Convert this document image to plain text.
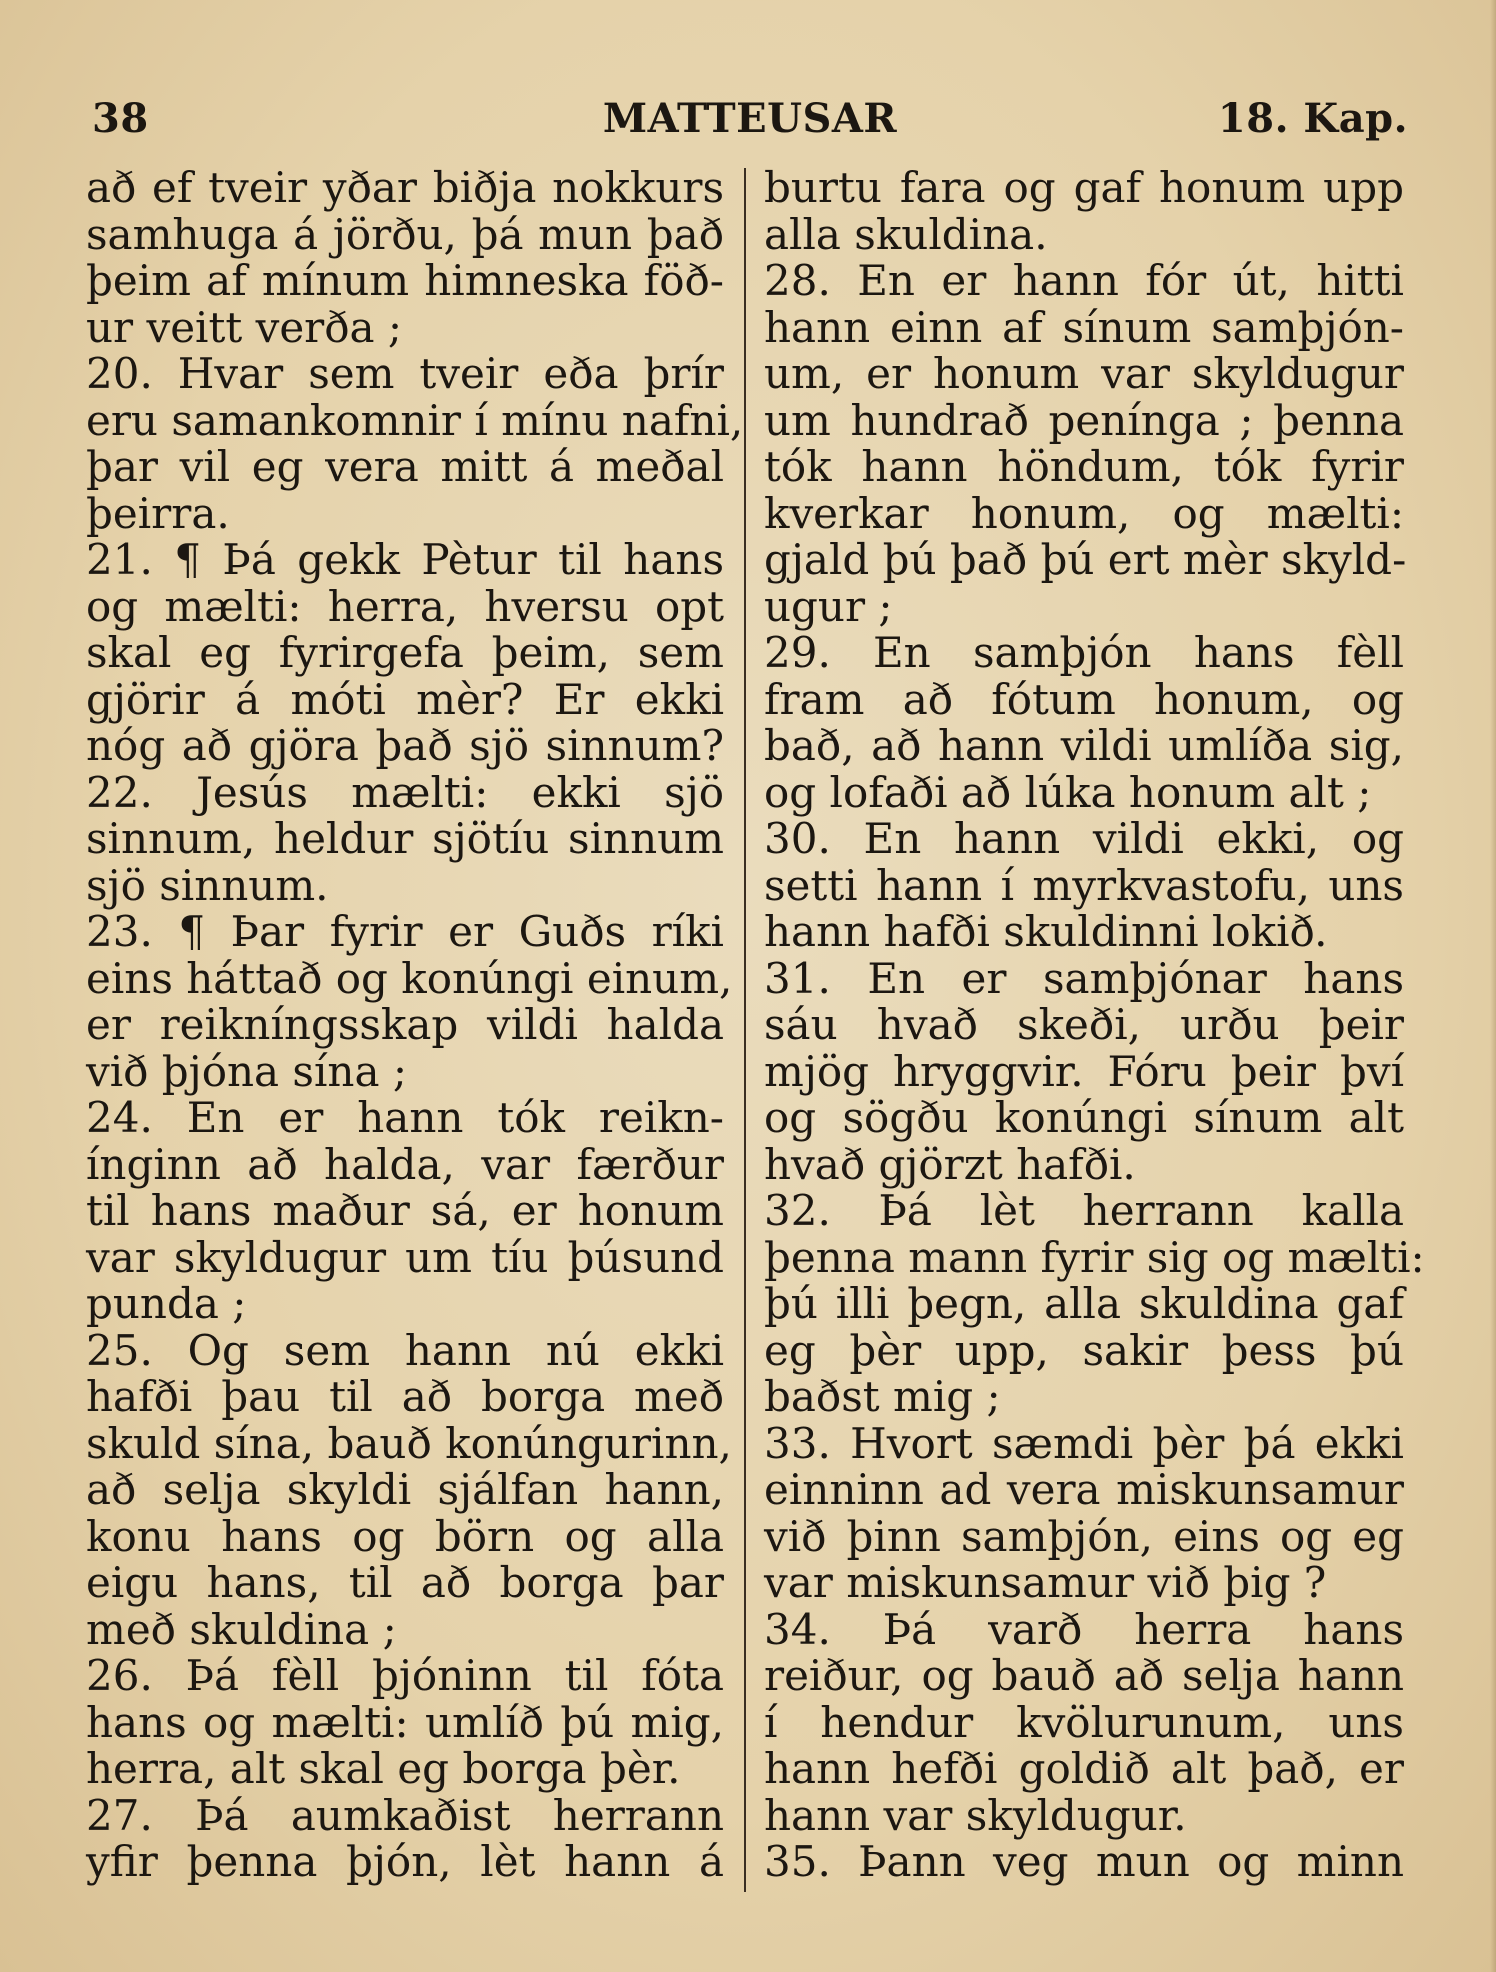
MATTEUSAR
38	18. Kap.
að ef tveir yðar biðja nokkurs
samhuga á jörðu, þá mun það
þeim af mínum himneska föð-
ur veitt verða ;
20. Hvar sem tveir eða þrír
eru samankomnir í mínu nafni,
þar vil eg vera mitt á meðal
þeirra.
21. ¶ Þá gekk Pètur til hans
og mælti: herra, hversu opt
skal eg fyrirgefa þeim, sem
gjörir á móti mèr? Er ekki
nóg að gjöra það sjö sinnum?
22. Jesús mælti: ekki sjö
sinnum, heldur sjötíu sinnum
sjö sinnum.
23. ¶ Þar fyrir er Guðs ríki
eins háttað og konúngi einum,
er reikníngsskap vildi halda
við þjóna sína ;
24. En er hann tók reikn-
ínginn að halda, var færður
til hans maður sá, er honum
var skyldugur um tíu þúsund
punda ;
25. Og sem hann nú ekki
hafði þau til að borga með
skuld sína, bauð konúngurinn,
að selja skyldi sjálfan hann,
konu hans og börn og alla
eigu hans, til að borga þar
með skuldina ;
26. Þá fèll þjóninn til fóta
hans og mælti: umlíð þú mig,
herra, alt skal eg borga þèr.
27. Þá aumkaðist herrann
yfir þenna þjón, lèt hann á
burtu fara og gaf honum upp
alla skuldina.
28. En er hann fór út, hitti
hann einn af sínum samþjón-
um, er honum var skyldugur
um hundrað penínga ; þenna
tók hann höndum, tók fyrir
kverkar honum, og mælti:
gjald þú það þú ert mèr skyld-
ugur ;
29. En samþjón hans fèll
fram að fótum honum, og
bað, að hann vildi umlíða sig,
og lofaði að lúka honum alt ;
30. En hann vildi ekki, og
setti hann í myrkvastofu, uns
hann hafði skuldinni lokið.
31. En er samþjónar hans
sáu hvað skeði, urðu þeir
mjög hryggvir. Fóru þeir því
og sögðu konúngi sínum alt
hvað gjörzt hafði.
32. Þá lèt herrann kalla
þenna mann fyrir sig og mælti:
þú illi þegn, alla skuldina gaf
eg þèr upp, sakir þess þú
baðst mig ;
33. Hvort sæmdi þèr þá ekki
einninn ad vera miskunsamur
við þinn samþjón, eins og eg
var miskunsamur við þig ?
34. Þá varð herra hans
reiður, og bauð að selja hann
í hendur kvölurunum, uns
hann hefði goldið alt það, er
hann var skyldugur.
35. Þann veg mun og minn
